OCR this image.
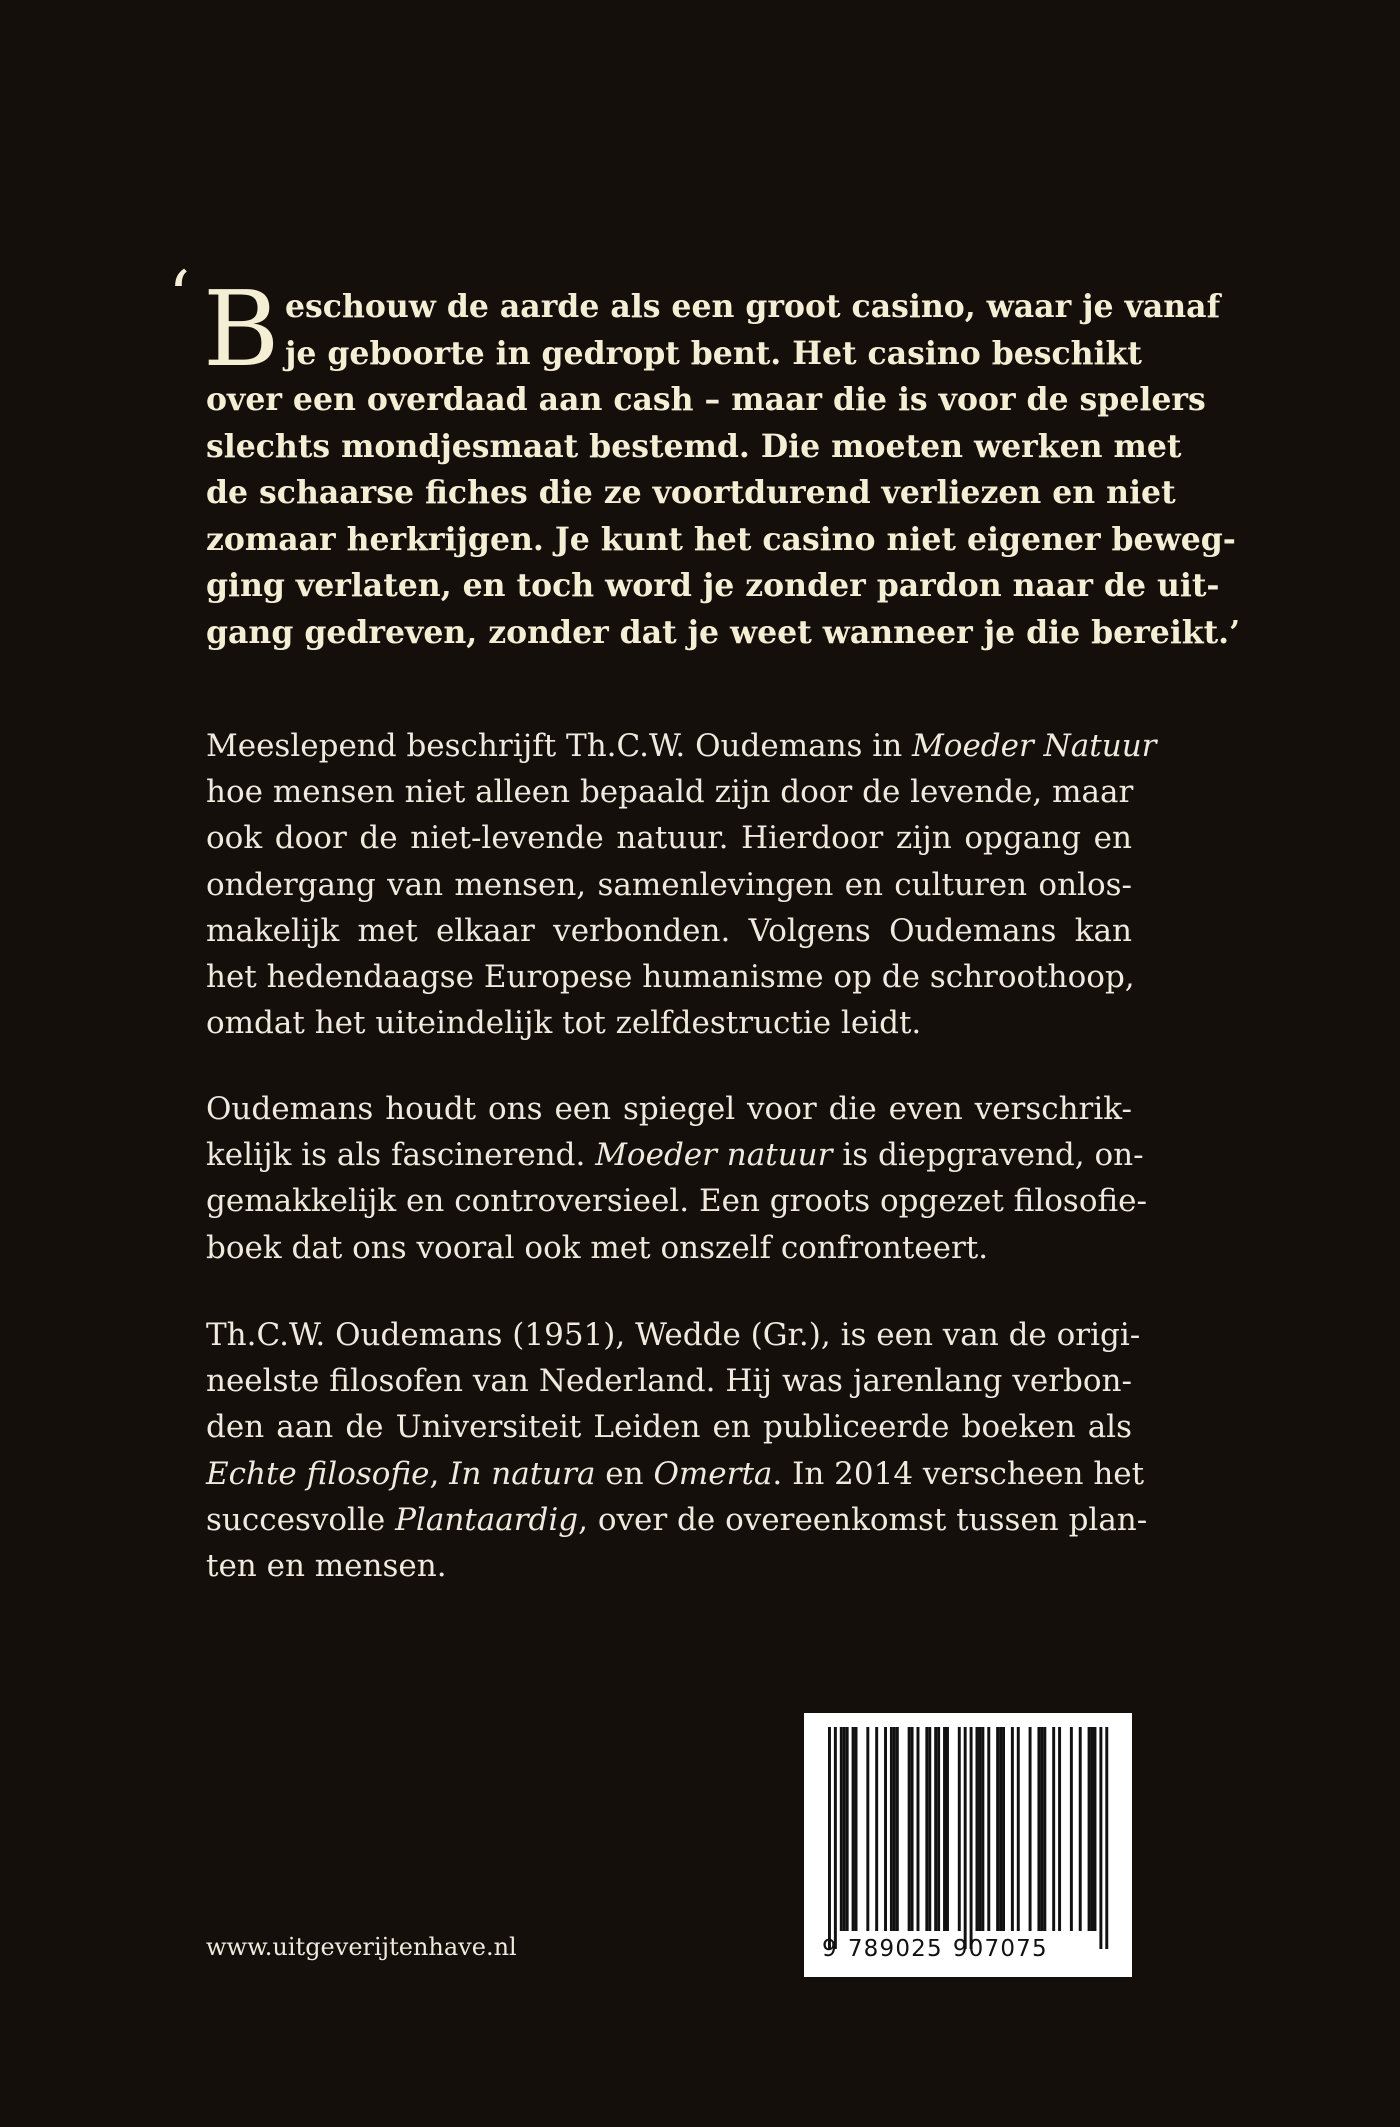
‘ B eschouw de aarde als een groot casino, waar je vanaf
je geboorte in gedropt bent. Het casino beschikt
over een overdaad aan cash – maar die is voor de spelers
slechts mondjesmaat bestemd. Die moeten werken met
de schaarse fiches die ze voortdurend verliezen en niet
zomaar herkrijgen. Je kunt het casino niet eigener beweg-
ging verlaten, en toch word je zonder pardon naar de uit-
gang gedreven, zonder dat je weet wanneer je die bereikt.’
Meeslepend beschrijft Th.C.W. Oudemans in Moeder Natuur
hoe mensen niet alleen bepaald zijn door de levende, maar
ook door de niet-levende natuur. Hierdoor zijn opgang en
ondergang van mensen, samenlevingen en culturen onlos-
makelijk met elkaar verbonden. Volgens Oudemans kan
het hedendaagse Europese humanisme op de schroothoop,
omdat het uiteindelijk tot zelfdestructie leidt.
Oudemans houdt ons een spiegel voor die even verschrik-
kelijk is als fascinerend. Moeder natuur is diepgravend, on-
gemakkelijk en controversieel. Een groots opgezet filosofie-
boek dat ons vooral ook met onszelf confronteert.
Th.C.W. Oudemans (1951), Wedde (Gr.), is een van de origi-
neelste filosofen van Nederland. Hij was jarenlang verbon-
den aan de Universiteit Leiden en publiceerde boeken als
Echte filosofie, In natura en Omerta. In 2014 verscheen het
succesvolle Plantaardig, over de overeenkomst tussen plan-
ten en mensen.
www.uitgeverijtenhave.nl	9 789025 907075
